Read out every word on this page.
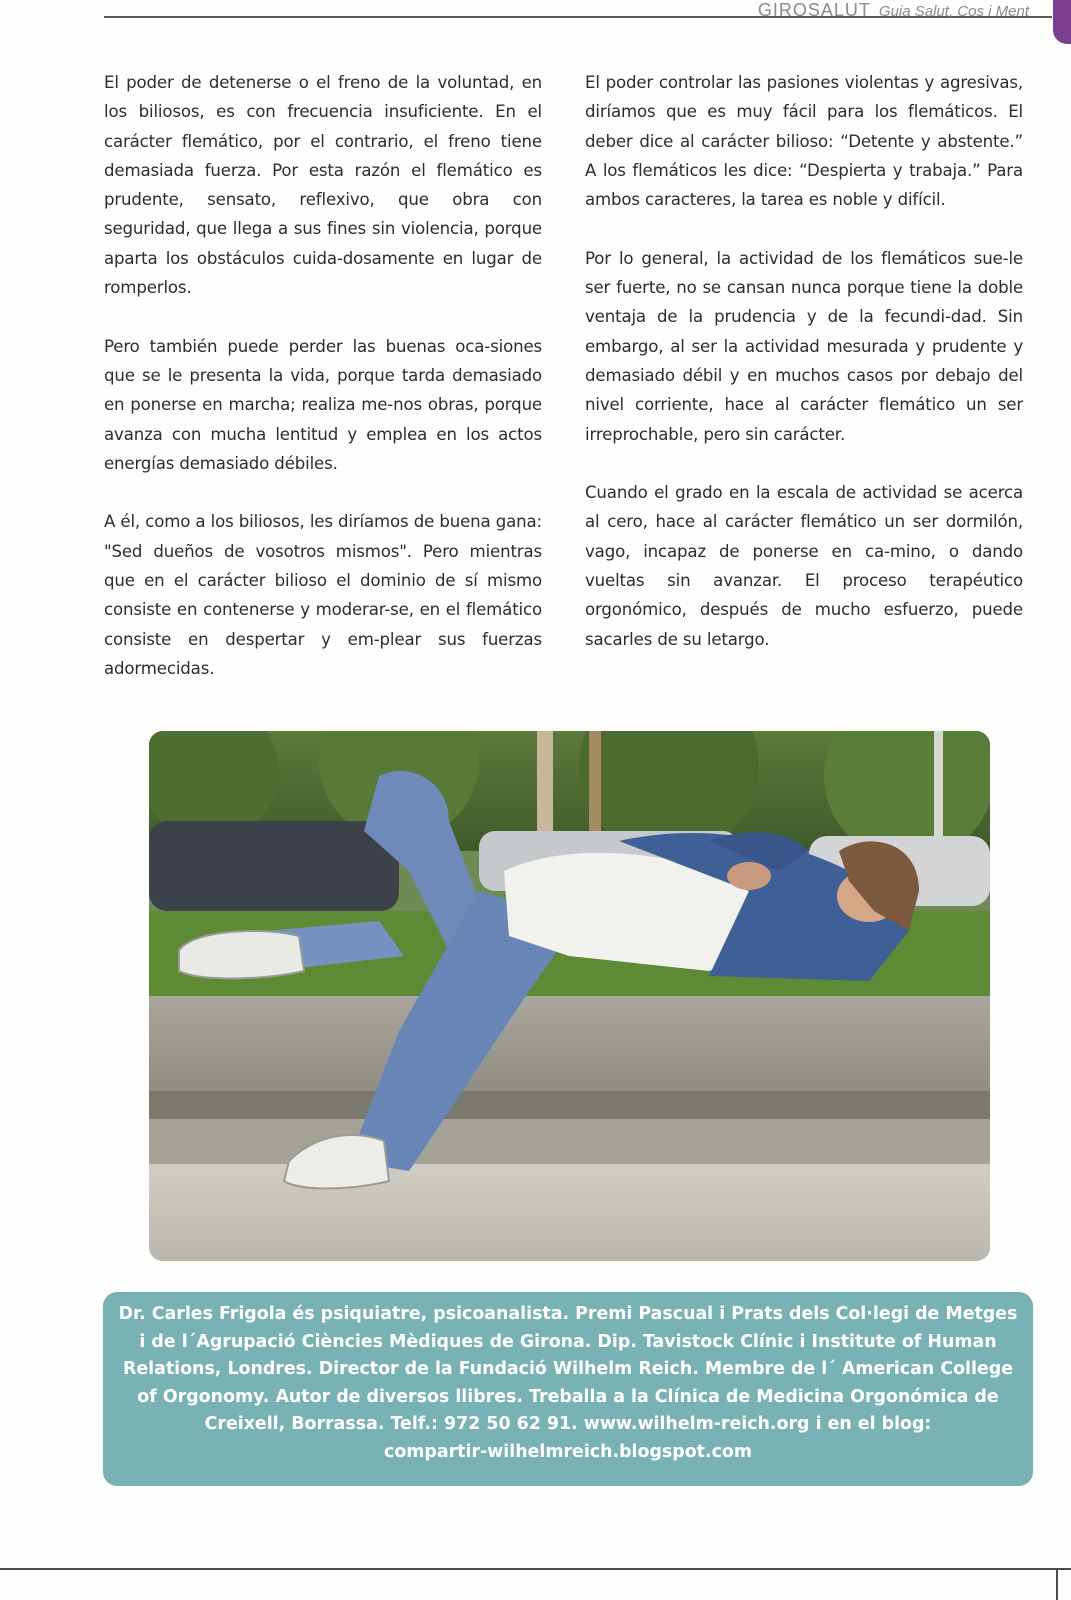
GIROSALUT Guia Salut, Cos i Ment

El poder de detenerse o el freno de la voluntad, en los biliosos, es con frecuencia insuficiente. En el carácter flemático, por el contrario, el freno tiene demasiada fuerza. Por esta razón el flemático es prudente, sensato, reflexivo, que obra con seguridad, que llega a sus fines sin violencia, porque aparta los obstáculos cuida-dosamente en lugar de romperlos.

Pero también puede perder las buenas oca-siones que se le presenta la vida, porque tarda demasiado en ponerse en marcha; realiza me-nos obras, porque avanza con mucha lentitud y emplea en los actos energías demasiado débiles.

A él, como a los biliosos, les diríamos de buena gana: "Sed dueños de vosotros mismos". Pero mientras que en el carácter bilioso el dominio de sí mismo consiste en contenerse y moderar-se, en el flemático consiste en despertar y em-plear sus fuerzas adormecidas.

El poder controlar las pasiones violentas y agresivas, diríamos que es muy fácil para los flemáticos. El deber dice al carácter bilioso: “Detente y abstente.” A los flemáticos les dice: “Despierta y trabaja.” Para ambos caracteres, la tarea es noble y difícil.

Por lo general, la actividad de los flemáticos sue-le ser fuerte, no se cansan nunca porque tiene la doble ventaja de la prudencia y de la fecundi-dad. Sin embargo, al ser la actividad mesurada y prudente y demasiado débil y en muchos casos por debajo del nivel corriente, hace al carácter flemático un ser irreprochable, pero sin carácter.

Cuando el grado en la escala de actividad se acerca al cero, hace al carácter flemático un ser dormilón, vago, incapaz de ponerse en ca-mino, o dando vueltas sin avanzar. El proceso terapéutico orgonómico, después de mucho esfuerzo, puede sacarles de su letargo.

Dr. Carles Frigola és psiquiatre, psicoanalista. Premi Pascual i Prats dels Col·legi de Metges
i de l´Agrupació Ciències Mèdiques de Girona. Dip. Tavistock Clínic i Institute of Human
Relations, Londres. Director de la Fundació Wilhelm Reich. Membre de l´ American College
of Orgonomy. Autor de diversos llibres. Treballa a la Clínica de Medicina Orgonómica de
Creixell, Borrassa. Telf.: 972 50 62 91. www.wilhelm-reich.org i en el blog:
compartir-wilhelmreich.blogspot.com
